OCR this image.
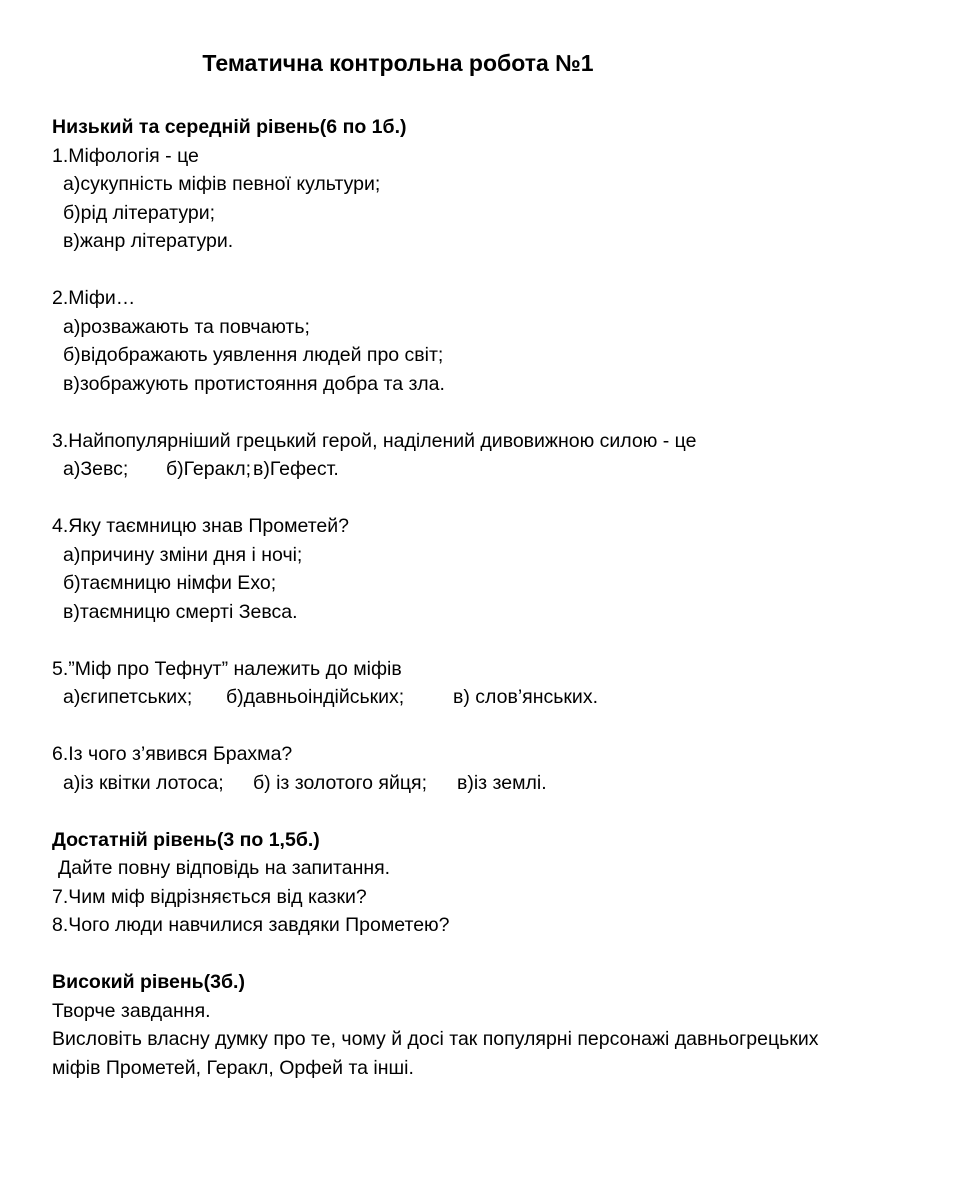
Тематична контрольна робота №1
Низький та середній рівень(6 по 1б.)
1.Міфологія - це
а)сукупність міфів певної культури;
б)рід літератури;
в)жанр літератури.
2.Міфи…
а)розважають та повчають;
б)відображають уявлення людей про світ;
в)зображують протистояння добра та зла.
3.Найпопулярніший грецький герой, наділений дивовижною силою - це
а)Зевс; б)Геракл; в)Гефест.
4.Яку таємницю знав Прометей?
а)причину зміни дня і ночі;
б)таємницю німфи Ехо;
в)таємницю смерті Зевса.
5.”Міф про Тефнут” належить до міфів
а)єгипетських; б)давньоіндійських;	в) слов’янських.
6.Із чого з’явився Брахма?
а)із квітки лотоса; б) із золотого яйця; в)із землі.
Достатній рівень(3 по 1,5б.)
Дайте повну відповідь на запитання.
7.Чим міф відрізняється від казки?
8.Чого люди навчилися завдяки Прометею?
Високий рівень(3б.)
Творче завдання.
Висловіть власну думку про те, чому й досі так популярні персонажі давньогрецьких
міфів Прометей, Геракл, Орфей та інші.
